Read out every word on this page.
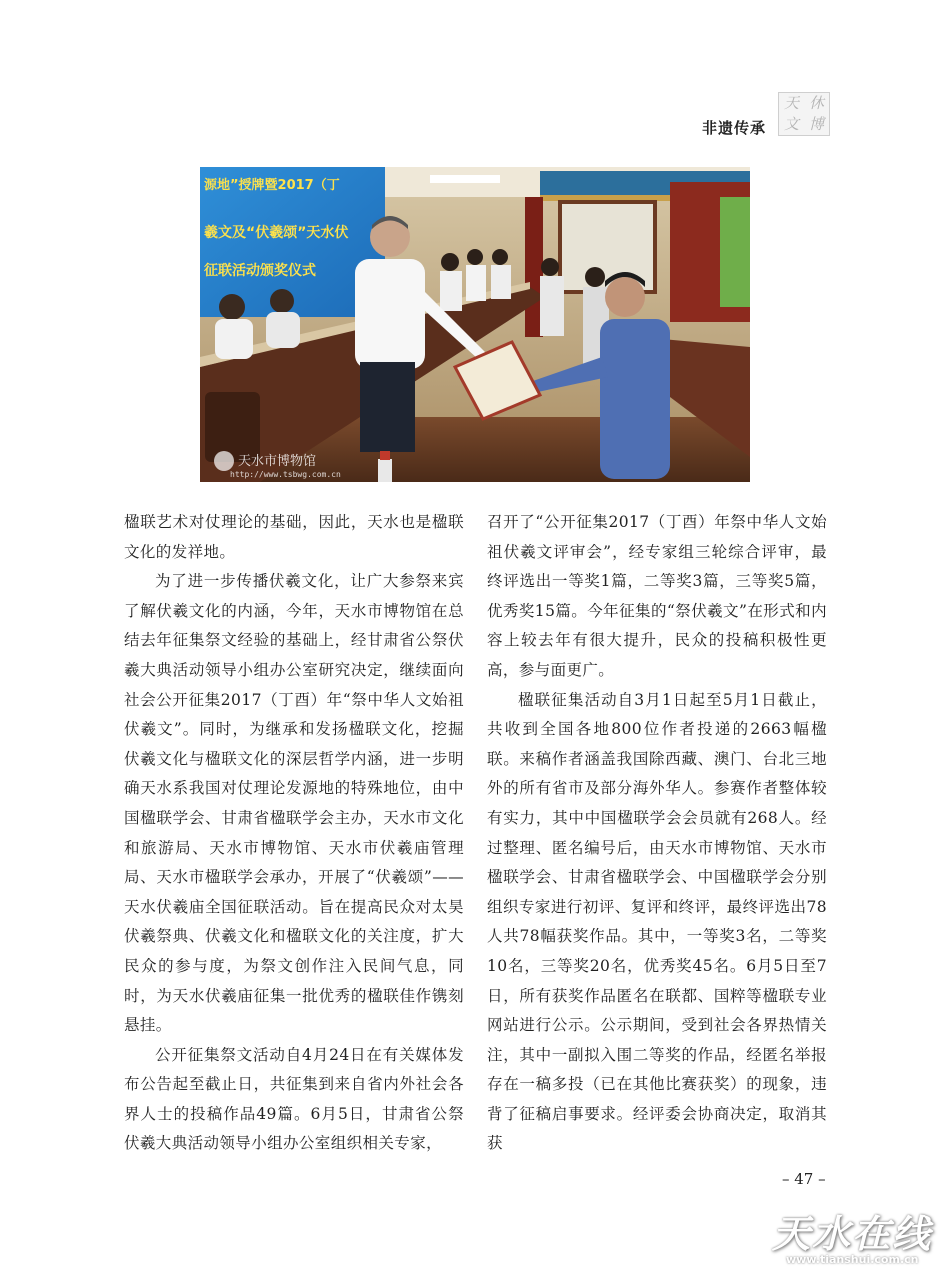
非遗传承
天 休
文 博
源地”授牌暨2017（丁
羲文及“伏羲颂”天水伏
征联活动颁奖仪式
天水市博物馆
http://www.tsbwg.com.cn

楹联艺术对仗理论的基础，因此，天水也是楹联文化的发祥地。

为了进一步传播伏羲文化，让广大参祭来宾了解伏羲文化的内涵，今年，天水市博物馆在总结去年征集祭文经验的基础上，经甘肃省公祭伏羲大典活动领导小组办公室研究决定，继续面向社会公开征集2017（丁酉）年“祭中华人文始祖伏羲文”。同时，为继承和发扬楹联文化，挖掘伏羲文化与楹联文化的深层哲学内涵，进一步明确天水系我国对仗理论发源地的特殊地位，由中国楹联学会、甘肃省楹联学会主办，天水市文化和旅游局、天水市博物馆、天水市伏羲庙管理局、天水市楹联学会承办，开展了“伏羲颂”——天水伏羲庙全国征联活动。旨在提高民众对太昊伏羲祭典、伏羲文化和楹联文化的关注度，扩大民众的参与度，为祭文创作注入民间气息，同时，为天水伏羲庙征集一批优秀的楹联佳作镌刻悬挂。

公开征集祭文活动自4月24日在有关媒体发布公告起至截止日，共征集到来自省内外社会各界人士的投稿作品49篇。6月5日，甘肃省公祭伏羲大典活动领导小组办公室组织相关专家，

召开了“公开征集2017（丁酉）年祭中华人文始祖伏羲文评审会”，经专家组三轮综合评审，最终评选出一等奖1篇，二等奖3篇，三等奖5篇，优秀奖15篇。今年征集的“祭伏羲文”在形式和内容上较去年有很大提升，民众的投稿积极性更高，参与面更广。

楹联征集活动自3月1日起至5月1日截止，共收到全国各地800位作者投递的2663幅楹联。来稿作者涵盖我国除西藏、澳门、台北三地外的所有省市及部分海外华人。参赛作者整体较有实力，其中中国楹联学会会员就有268人。经过整理、匿名编号后，由天水市博物馆、天水市楹联学会、甘肃省楹联学会、中国楹联学会分别组织专家进行初评、复评和终评，最终评选出78人共78幅获奖作品。其中，一等奖3名，二等奖10名，三等奖20名，优秀奖45名。6月5日至7日，所有获奖作品匿名在联都、国粹等楹联专业网站进行公示。公示期间，受到社会各界热情关注，其中一副拟入围二等奖的作品，经匿名举报存在一稿多投（已在其他比赛获奖）的现象，违背了征稿启事要求。经评委会协商决定，取消其获

– 47 –
天水在线
www.tianshui.com.cn
